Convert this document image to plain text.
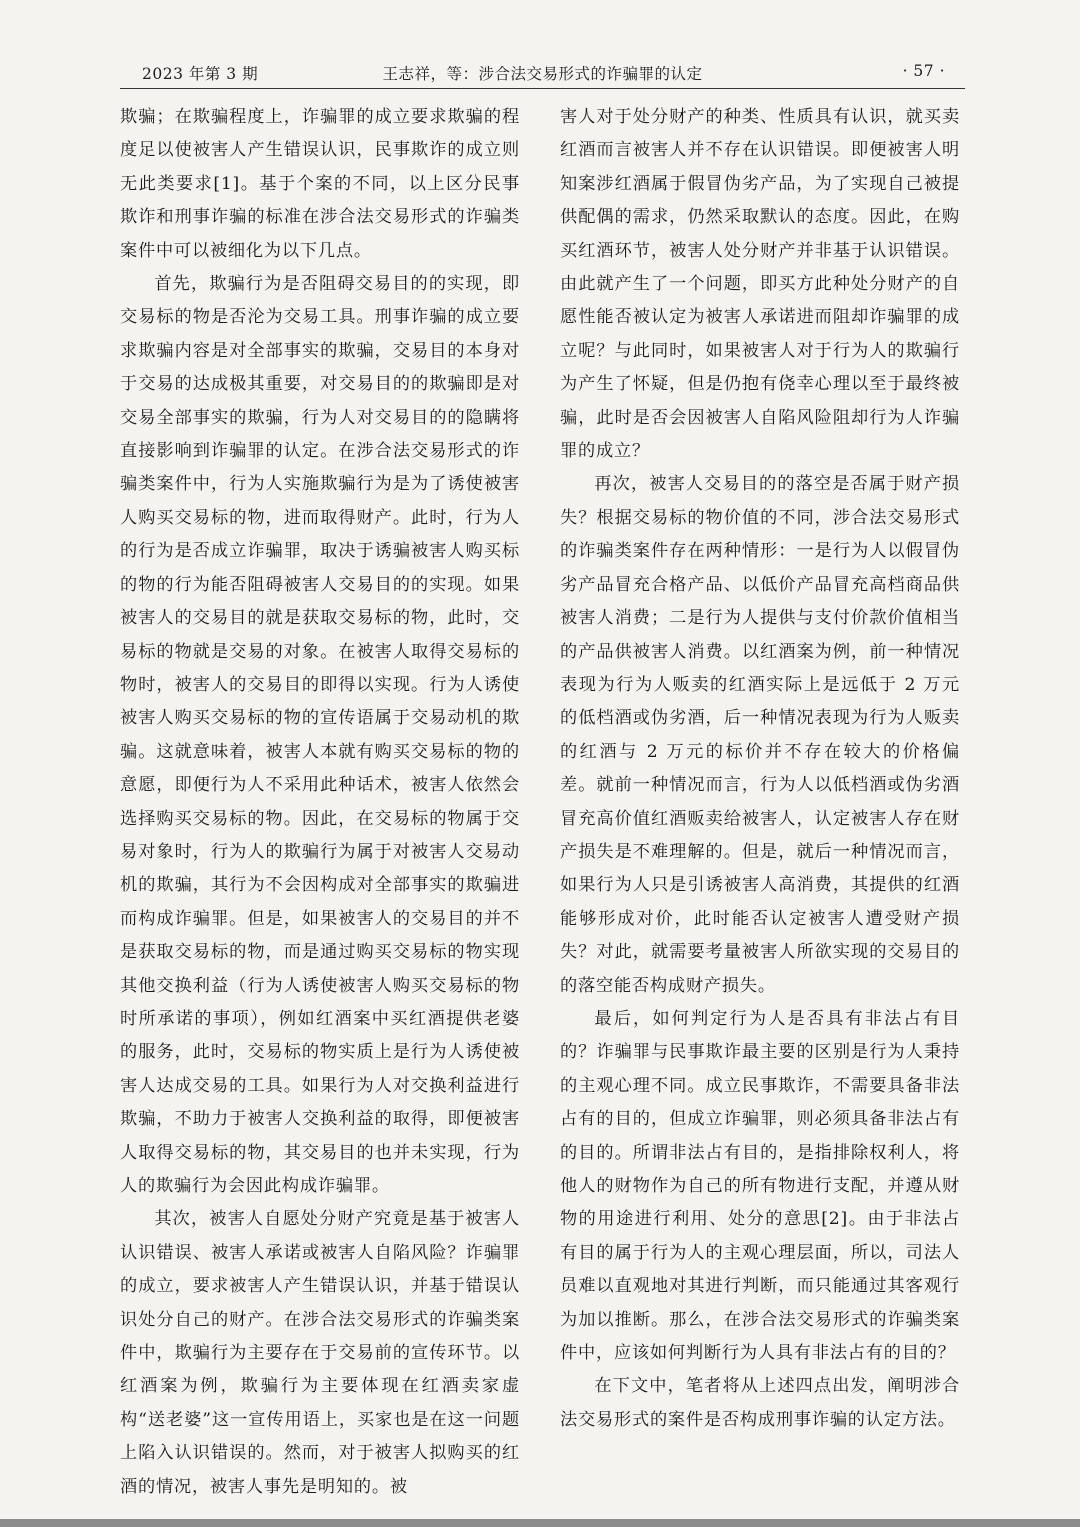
2023 年第 3 期	王志祥，等：涉合法交易形式的诈骗罪的认定	· 57 ·

欺骗；在欺骗程度上，诈骗罪的成立要求欺骗的程度足以使被害人产生错误认识，民事欺诈的成立则无此类要求[1]。基于个案的不同，以上区分民事欺诈和刑事诈骗的标准在涉合法交易形式的诈骗类案件中可以被细化为以下几点。

首先，欺骗行为是否阻碍交易目的的实现，即交易标的物是否沦为交易工具。刑事诈骗的成立要求欺骗内容是对全部事实的欺骗，交易目的本身对于交易的达成极其重要，对交易目的的欺骗即是对交易全部事实的欺骗，行为人对交易目的的隐瞒将直接影响到诈骗罪的认定。在涉合法交易形式的诈骗类案件中，行为人实施欺骗行为是为了诱使被害人购买交易标的物，进而取得财产。此时，行为人的行为是否成立诈骗罪，取决于诱骗被害人购买标的物的行为能否阻碍被害人交易目的的实现。如果被害人的交易目的就是获取交易标的物，此时，交易标的物就是交易的对象。在被害人取得交易标的物时，被害人的交易目的即得以实现。行为人诱使被害人购买交易标的物的宣传语属于交易动机的欺骗。这就意味着，被害人本就有购买交易标的物的意愿，即便行为人不采用此种话术，被害人依然会选择购买交易标的物。因此，在交易标的物属于交易对象时，行为人的欺骗行为属于对被害人交易动机的欺骗，其行为不会因构成对全部事实的欺骗进而构成诈骗罪。但是，如果被害人的交易目的并不是获取交易标的物，而是通过购买交易标的物实现其他交换利益（行为人诱使被害人购买交易标的物时所承诺的事项），例如红酒案中买红酒提供老婆的服务，此时，交易标的物实质上是行为人诱使被害人达成交易的工具。如果行为人对交换利益进行欺骗，不助力于被害人交换利益的取得，即便被害人取得交易标的物，其交易目的也并未实现，行为人的欺骗行为会因此构成诈骗罪。

其次，被害人自愿处分财产究竟是基于被害人认识错误、被害人承诺或被害人自陷风险？诈骗罪的成立，要求被害人产生错误认识，并基于错误认识处分自己的财产。在涉合法交易形式的诈骗类案件中，欺骗行为主要存在于交易前的宣传环节。以红酒案为例，欺骗行为主要体现在红酒卖家虚构“送老婆”这一宣传用语上，买家也是在这一问题上陷入认识错误的。然而，对于被害人拟购买的红酒的情况，被害人事先是明知的。被

害人对于处分财产的种类、性质具有认识，就买卖红酒而言被害人并不存在认识错误。即便被害人明知案涉红酒属于假冒伪劣产品，为了实现自己被提供配偶的需求，仍然采取默认的态度。因此，在购买红酒环节，被害人处分财产并非基于认识错误。由此就产生了一个问题，即买方此种处分财产的自愿性能否被认定为被害人承诺进而阻却诈骗罪的成立呢？与此同时，如果被害人对于行为人的欺骗行为产生了怀疑，但是仍抱有侥幸心理以至于最终被骗，此时是否会因被害人自陷风险阻却行为人诈骗罪的成立？

再次，被害人交易目的的落空是否属于财产损失？根据交易标的物价值的不同，涉合法交易形式的诈骗类案件存在两种情形：一是行为人以假冒伪劣产品冒充合格产品、以低价产品冒充高档商品供被害人消费；二是行为人提供与支付价款价值相当的产品供被害人消费。以红酒案为例，前一种情况表现为行为人贩卖的红酒实际上是远低于 2 万元的低档酒或伪劣酒，后一种情况表现为行为人贩卖的红酒与 2 万元的标价并不存在较大的价格偏差。就前一种情况而言，行为人以低档酒或伪劣酒冒充高价值红酒贩卖给被害人，认定被害人存在财产损失是不难理解的。但是，就后一种情况而言，如果行为人只是引诱被害人高消费，其提供的红酒能够形成对价，此时能否认定被害人遭受财产损失？对此，就需要考量被害人所欲实现的交易目的的落空能否构成财产损失。

最后，如何判定行为人是否具有非法占有目的？诈骗罪与民事欺诈最主要的区别是行为人秉持的主观心理不同。成立民事欺诈，不需要具备非法占有的目的，但成立诈骗罪，则必须具备非法占有的目的。所谓非法占有目的，是指排除权利人，将他人的财物作为自己的所有物进行支配，并遵从财物的用途进行利用、处分的意思[2]。由于非法占有目的属于行为人的主观心理层面，所以，司法人员难以直观地对其进行判断，而只能通过其客观行为加以推断。那么，在涉合法交易形式的诈骗类案件中，应该如何判断行为人具有非法占有的目的？

在下文中，笔者将从上述四点出发，阐明涉合法交易形式的案件是否构成刑事诈骗的认定方法。
